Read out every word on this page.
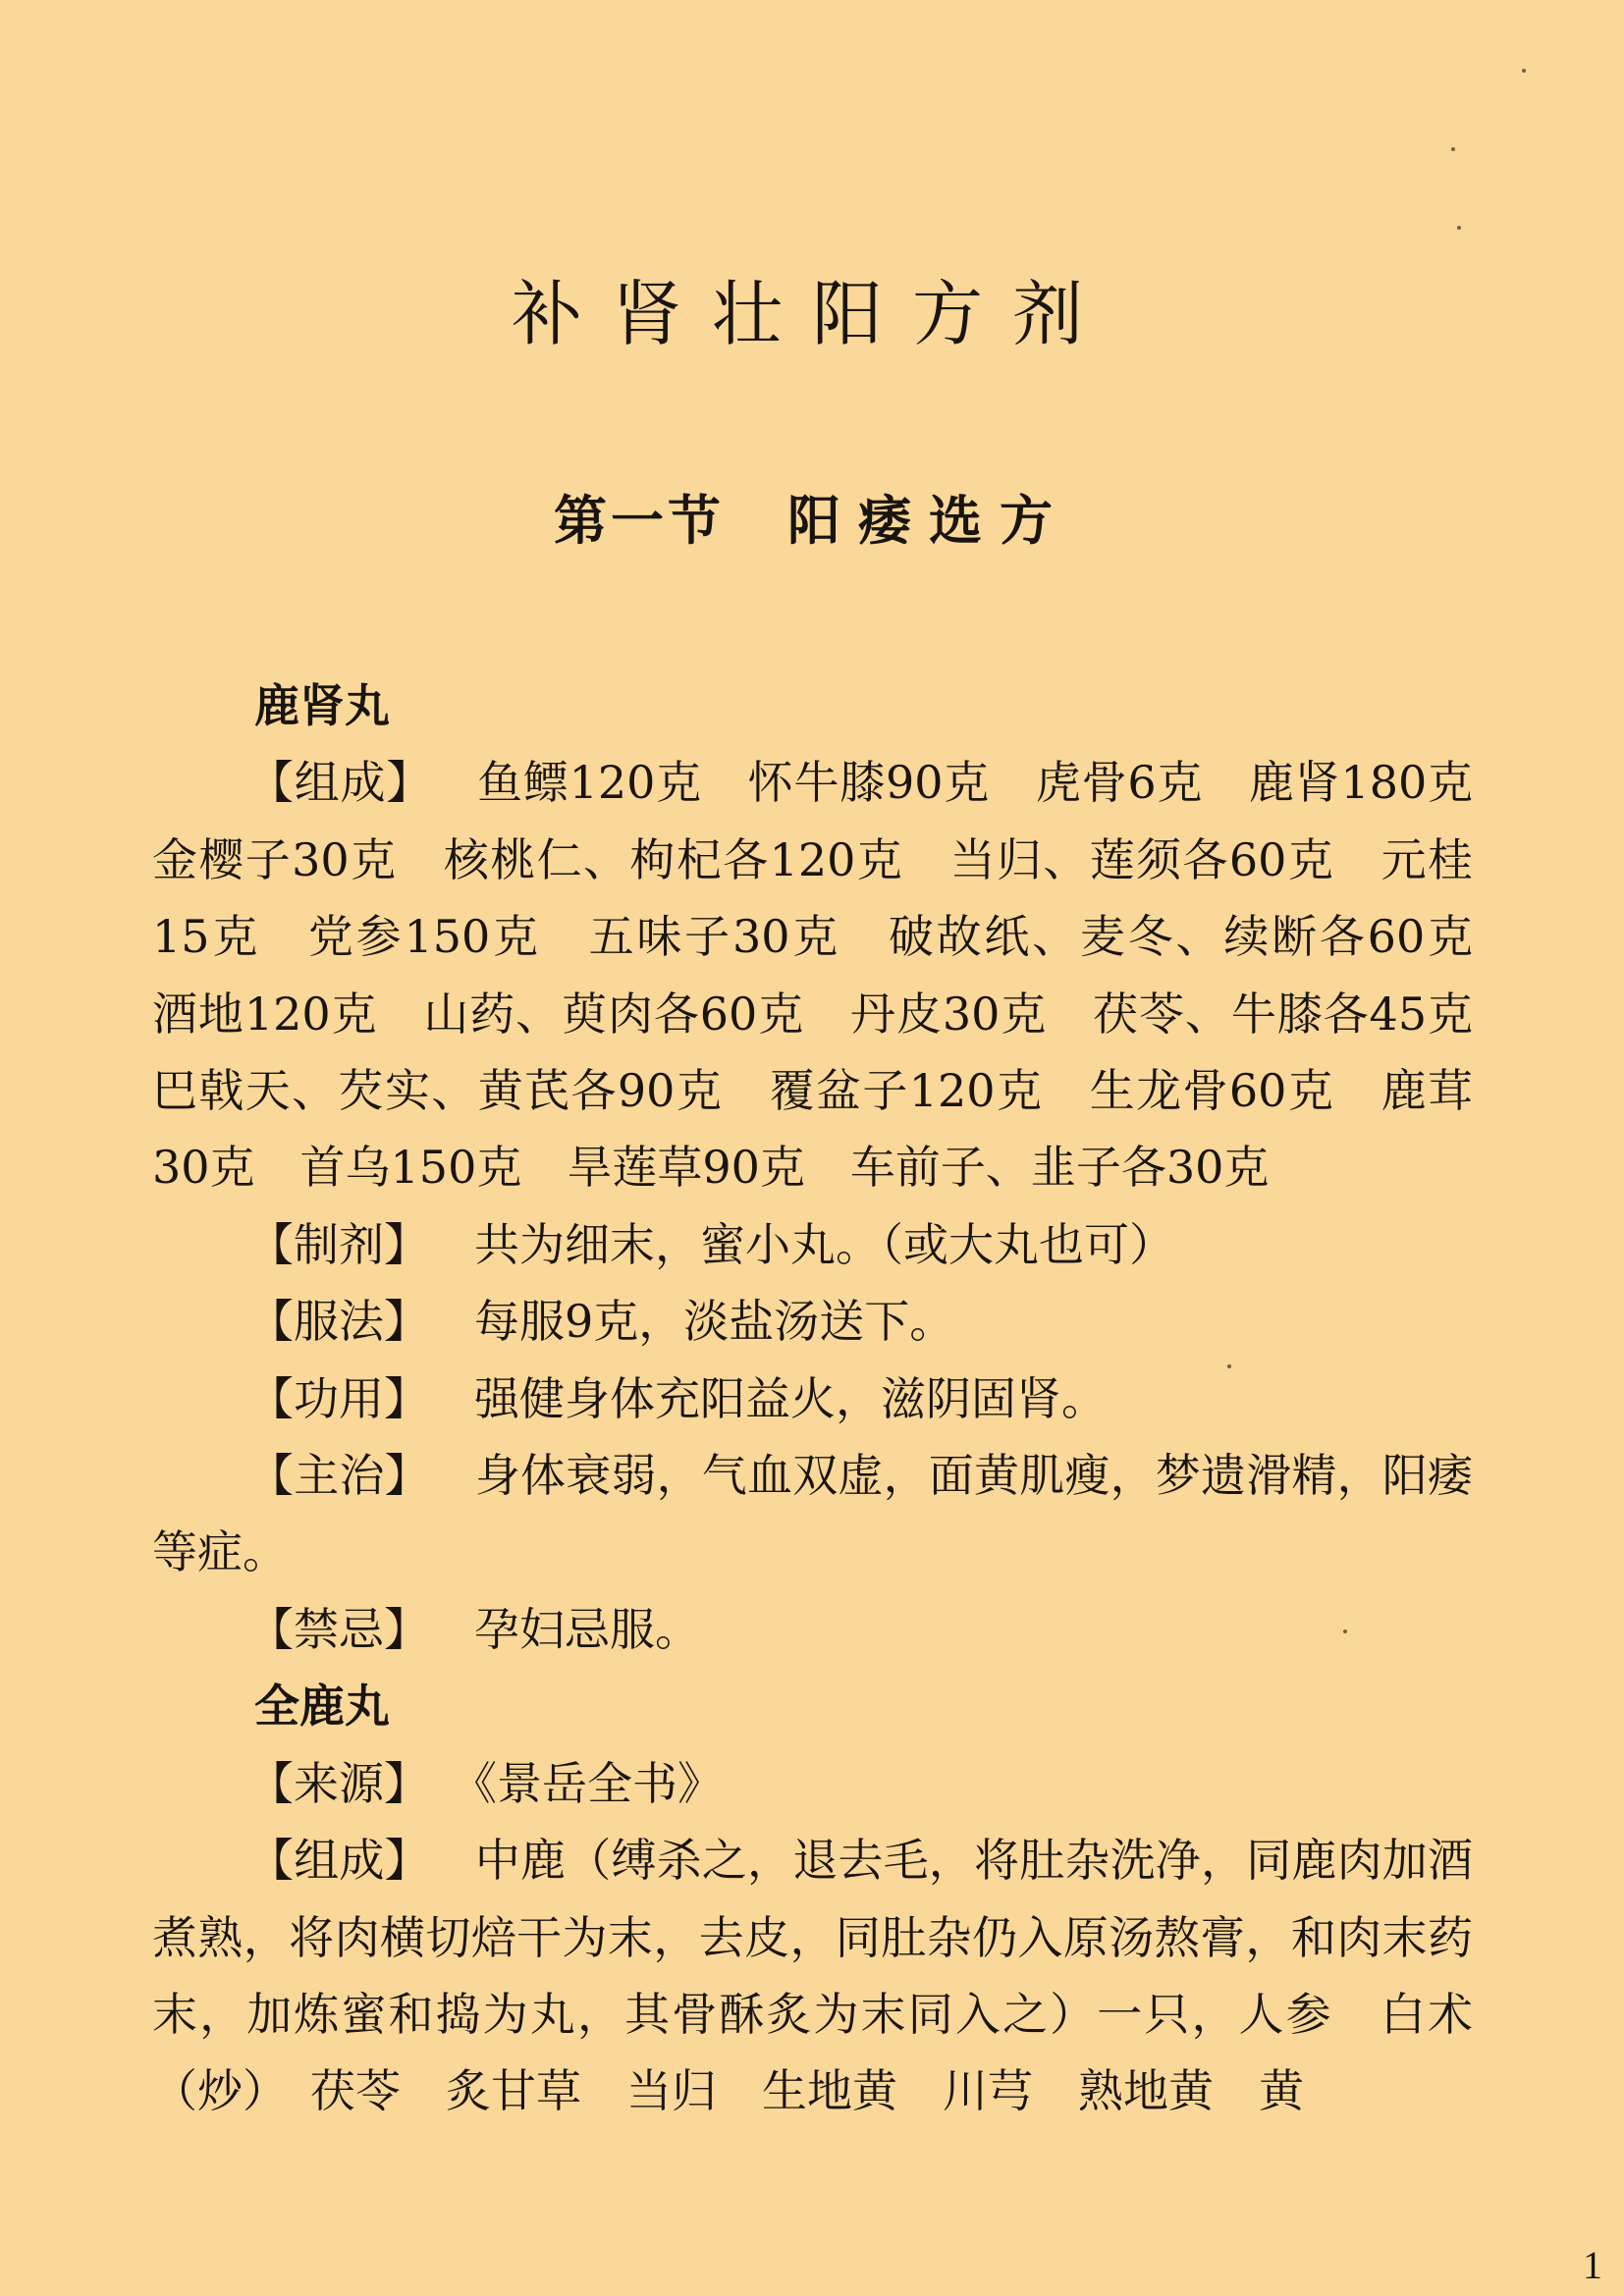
补肾壮阳方剂
第一节 阳痿选方

鹿肾丸

【组成】 鱼鳔120克　怀牛膝90克　虎骨6克　鹿肾180克　金樱子30克　核桃仁、枸杞各120克　当归、莲须各60克　元桂15克　党参150克　五味子30克　破故纸、麦冬、续断各60克　酒地120克　山药、萸肉各60克　丹皮30克　茯苓、牛膝各45克　巴戟天、芡实、黄芪各90克　覆盆子120克　生龙骨60克　鹿茸30克　首乌150克　旱莲草90克　车前子、韭子各30克

【制剂】 共为细末，蜜小丸。（或大丸也可）

【服法】 每服9克，淡盐汤送下。

【功用】 强健身体充阳益火，滋阴固肾。

【主治】 身体衰弱，气血双虚，面黄肌瘦，梦遗滑精，阳痿等症。

【禁忌】 孕妇忌服。

全鹿丸

【来源】 《景岳全书》

【组成】 中鹿（缚杀之，退去毛，将肚杂洗净，同鹿肉加酒煮熟，将肉横切焙干为末，去皮，同肚杂仍入原汤熬膏，和肉末药末，加炼蜜和捣为丸，其骨酥炙为末同入之）一只，人参　白术（炒）　茯苓　炙甘草　当归　生地黄　川芎　熟地黄　黄

1
